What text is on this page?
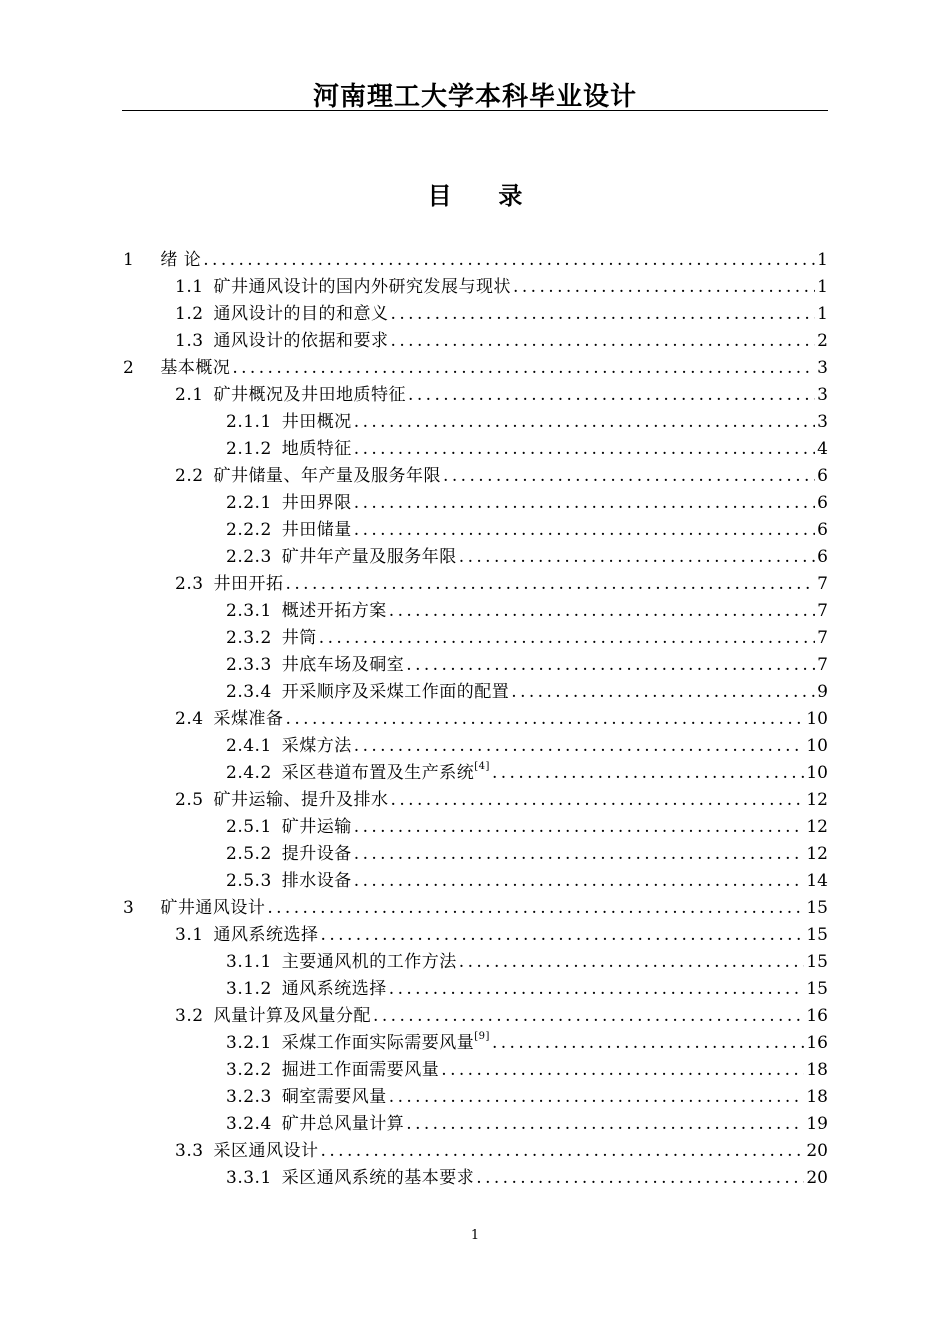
河南理工大学本科毕业设计
目 录
1 绪 论 .....	1
1.1 矿井通风设计的国内外研究发展与现状 .....	1
1.2 通风设计的目的和意义 .....	1
1.3 通风设计的依据和要求 .....	2
2 基本概况 .....	3
2.1 矿井概况及井田地质特征 .....	3
2.1.1 井田概况 .....	3
2.1.2 地质特征 .....	4
2.2 矿井储量、年产量及服务年限 .....	6
2.2.1 井田界限 .....	6
2.2.2 井田储量 .....	6
2.2.3 矿井年产量及服务年限 .....	6
2.3 井田开拓 .....	7
2.3.1 概述开拓方案 .....	7
2.3.2 井筒 .....	7
2.3.3 井底车场及硐室 .....	7
2.3.4 开采顺序及采煤工作面的配置 .....	9
2.4 采煤准备 .....	10
2.4.1 采煤方法 .....	10
2.4.2 采区巷道布置及生产系统[4] .....	10
2.5 矿井运输、提升及排水 .....	12
2.5.1 矿井运输 .....	12
2.5.2 提升设备 .....	12
2.5.3 排水设备 .....	14
3 矿井通风设计 .....	15
3.1 通风系统选择 .....	15
3.1.1 主要通风机的工作方法 .....	15
3.1.2 通风系统选择 .....	15
3.2 风量计算及风量分配 .....	16
3.2.1 采煤工作面实际需要风量[9] .....	16
3.2.2 掘进工作面需要风量 .....	18
3.2.3 硐室需要风量 .....	18
3.2.4 矿井总风量计算 .....	19
3.3 采区通风设计 .....	20
3.3.1 采区通风系统的基本要求 .....	20
1
